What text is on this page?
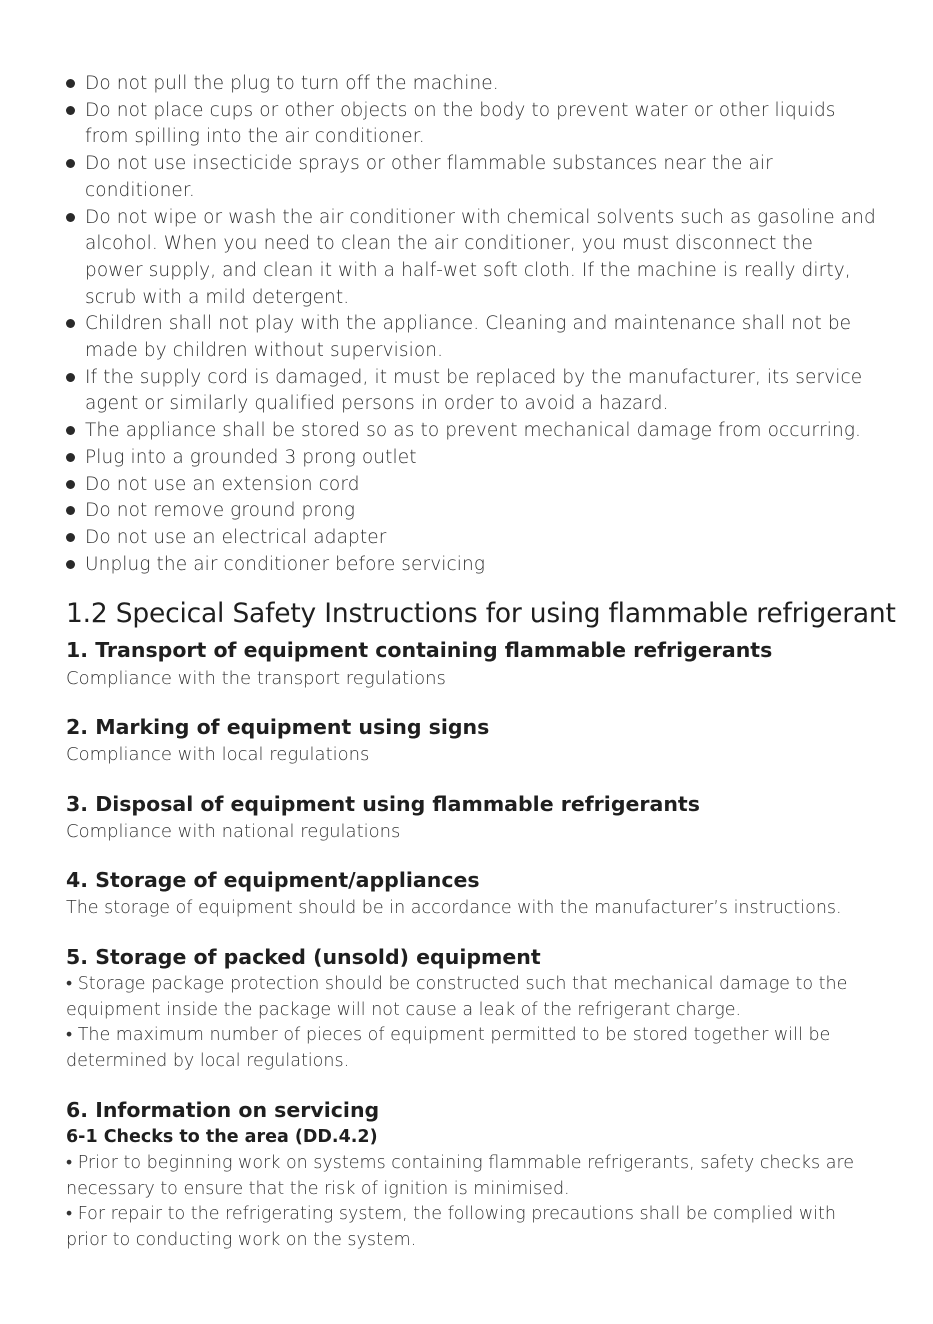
Do not pull the plug to turn off the machine.
Do not place cups or other objects on the body to prevent water or other liquids from spilling into the air conditioner.
Do not use insecticide sprays or other flammable substances near the air conditioner.
Do not wipe or wash the air conditioner with chemical solvents such as gasoline and alcohol. When you need to clean the air conditioner, you must disconnect the power supply, and clean it with a half-wet soft cloth. If the machine is really dirty, scrub with a mild detergent.
Children shall not play with the appliance. Cleaning and maintenance shall not be made by children without supervision.
If the supply cord is damaged, it must be replaced by the manufacturer, its service agent or similarly qualified persons in order to avoid a hazard.
The appliance shall be stored so as to prevent mechanical damage from occurring.
Plug into a grounded 3 prong outlet
Do not use an extension cord
Do not remove ground prong
Do not use an electrical adapter
Unplug the air conditioner before servicing
1.2 Specical Safety Instructions for using flammable refrigerant
1. Transport of equipment containing flammable refrigerants

Compliance with the transport regulations

2. Marking of equipment using signs

Compliance with local regulations

3. Disposal of equipment using flammable refrigerants

Compliance with national regulations

4. Storage of equipment/appliances

The storage of equipment should be in accordance with the manufacturer’s instructions.

5. Storage of packed (unsold) equipment

• Storage package protection should be constructed such that mechanical damage to the equipment inside the package will not cause a leak of the refrigerant charge.

• The maximum number of pieces of equipment permitted to be stored together will be determined by local regulations.

6. Information on servicing
6-1 Checks to the area (DD.4.2)

• Prior to beginning work on systems containing flammable refrigerants, safety checks are necessary to ensure that the risk of ignition is minimised.

• For repair to the refrigerating system, the following precautions shall be complied with prior to conducting work on the system.
